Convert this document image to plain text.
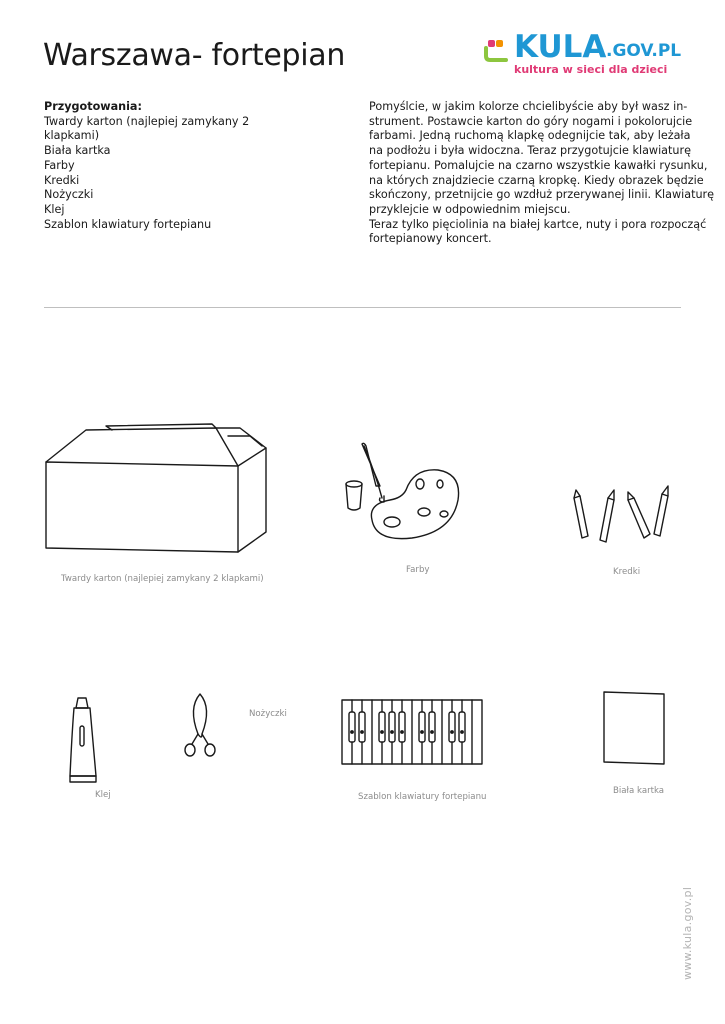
Warszawa- fortepian	KULA .GOV.PL
kultura w sieci dla dzieci
Przygotowania:
Twardy karton (najlepiej zamykany 2
klapkami)
Biała kartka
Farby
Kredki
Nożyczki
Klej
Szablon klawiatury fortepianu
Pomyślcie, w jakim kolorze chcielibyście aby był wasz in-
strument. Postawcie karton do góry nogami i pokolorujcie
farbami. Jedną ruchomą klapkę odegnijcie tak, aby leżała
na podłożu i była widoczna. Teraz przygotujcie klawiaturę
fortepianu. Pomalujcie na czarno wszystkie kawałki rysunku,
na których znajdziecie czarną kropkę. Kiedy obrazek będzie
skończony, przetnijcie go wzdłuż przerywanej linii. Klawiaturę
przyklejcie w odpowiednim miejscu.
Teraz tylko pięciolinia na białej kartce, nuty i pora rozpocząć
fortepianowy koncert.
Twardy karton (najlepiej zamykany 2 klapkami)
Farby	Kredki
Klej
Nożyczki
Szablon klawiatury fortepianu
Biała kartka
www.kula.gov.pl
